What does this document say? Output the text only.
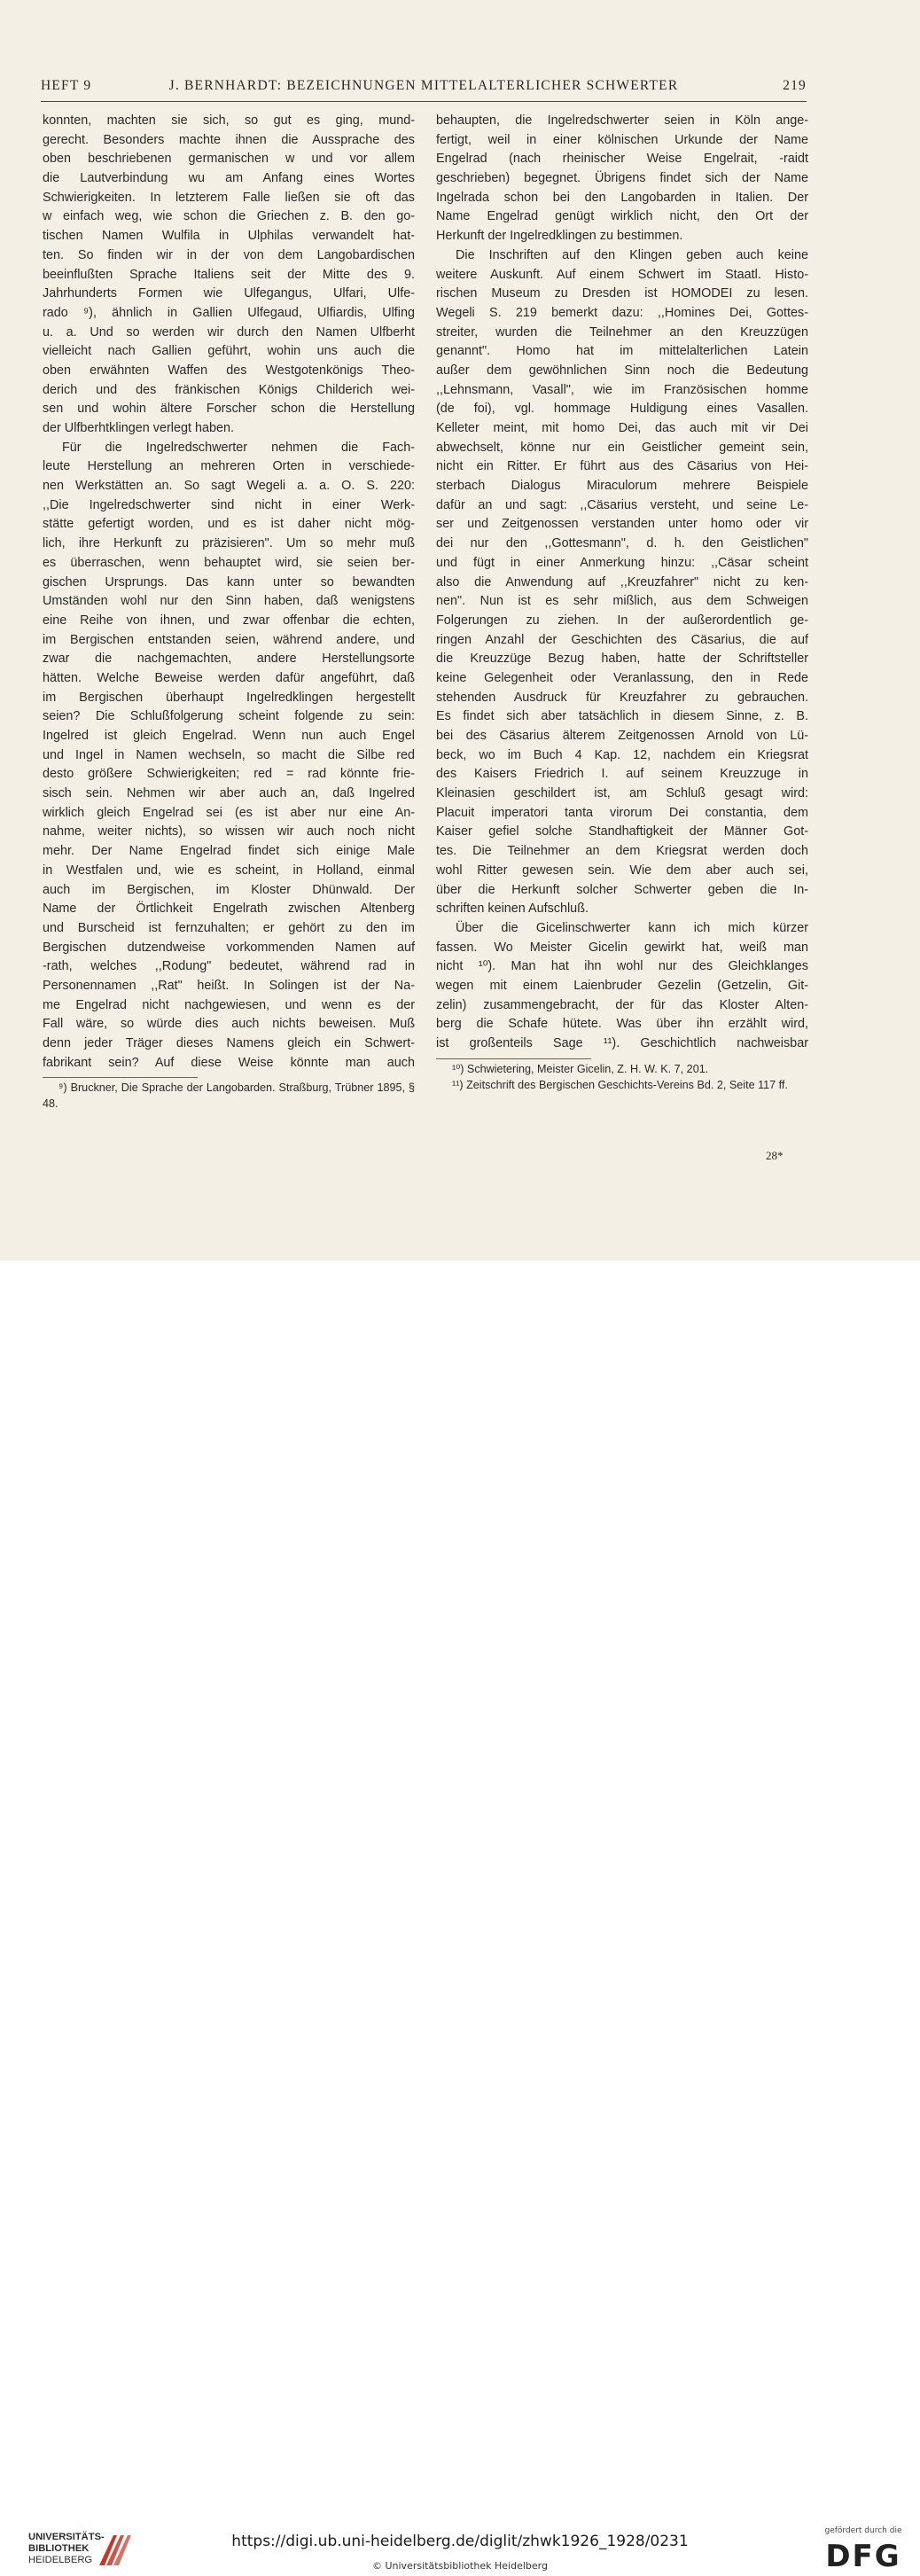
HEFT 9	J. BERNHARDT: BEZEICHNUNGEN MITTELALTERLICHER SCHWERTER	219

konnten, machten sie sich, so gut es ging, mund-

gerecht. Besonders machte ihnen die Aussprache des

oben beschriebenen germanischen w und vor allem

die Lautverbindung wu am Anfang eines Wortes

Schwierigkeiten. In letzterem Falle ließen sie oft das

w einfach weg, wie schon die Griechen z. B. den go-

tischen Namen Wulfila in Ulphilas verwandelt hat-

ten. So finden wir in der von dem Langobardischen

beeinflußten Sprache Italiens seit der Mitte des 9.

Jahrhunderts Formen wie Ulfegangus, Ulfari, Ulfe-

rado ⁹), ähnlich in Gallien Ulfegaud, Ulfiardis, Ulfing

u. a. Und so werden wir durch den Namen Ulfberht

vielleicht nach Gallien geführt, wohin uns auch die

oben erwähnten Waffen des Westgotenkönigs Theo-

derich und des fränkischen Königs Childerich wei-

sen und wohin ältere Forscher schon die Herstellung

der Ulfberhtklingen verlegt haben.

Für die Ingelredschwerter nehmen die Fach-

leute Herstellung an mehreren Orten in verschiede-

nen Werkstätten an. So sagt Wegeli a. a. O. S. 220:

,,Die Ingelredschwerter sind nicht in einer Werk-

stätte gefertigt worden, und es ist daher nicht mög-

lich, ihre Herkunft zu präzisieren". Um so mehr muß

es überraschen, wenn behauptet wird, sie seien ber-

gischen Ursprungs. Das kann unter so bewandten

Umständen wohl nur den Sinn haben, daß wenigstens

eine Reihe von ihnen, und zwar offenbar die echten,

im Bergischen entstanden seien, während andere, und

zwar die nachgemachten, andere Herstellungsorte

hätten. Welche Beweise werden dafür angeführt, daß

im Bergischen überhaupt Ingelredklingen hergestellt

seien? Die Schlußfolgerung scheint folgende zu sein:

Ingelred ist gleich Engelrad. Wenn nun auch Engel

und Ingel in Namen wechseln, so macht die Silbe red

desto größere Schwierigkeiten; red = rad könnte frie-

sisch sein. Nehmen wir aber auch an, daß Ingelred

wirklich gleich Engelrad sei (es ist aber nur eine An-

nahme, weiter nichts), so wissen wir auch noch nicht

mehr. Der Name Engelrad findet sich einige Male

in Westfalen und, wie es scheint, in Holland, einmal

auch im Bergischen, im Kloster Dhünwald. Der

Name der Örtlichkeit Engelrath zwischen Altenberg

und Burscheid ist fernzuhalten; er gehört zu den im

Bergischen dutzendweise vorkommenden Namen auf

-rath, welches ,,Rodung" bedeutet, während rad in

Personennamen ,,Rat" heißt. In Solingen ist der Na-

me Engelrad nicht nachgewiesen, und wenn es der

Fall wäre, so würde dies auch nichts beweisen. Muß

denn jeder Träger dieses Namens gleich ein Schwert-

fabrikant sein? Auf diese Weise könnte man auch

behaupten, die Ingelredschwerter seien in Köln ange-

fertigt, weil in einer kölnischen Urkunde der Name

Engelrad (nach rheinischer Weise Engelrait, -raidt

geschrieben) begegnet. Übrigens findet sich der Name

Ingelrada schon bei den Langobarden in Italien. Der

Name Engelrad genügt wirklich nicht, den Ort der

Herkunft der Ingelredklingen zu bestimmen.

Die Inschriften auf den Klingen geben auch keine

weitere Auskunft. Auf einem Schwert im Staatl. Histo-

rischen Museum zu Dresden ist HOMODEI zu lesen.

Wegeli S. 219 bemerkt dazu: ,,Homines Dei, Gottes-

streiter, wurden die Teilnehmer an den Kreuzzügen

genannt". Homo hat im mittelalterlichen Latein

außer dem gewöhnlichen Sinn noch die Bedeutung

,,Lehnsmann, Vasall", wie im Französischen homme

(de foi), vgl. hommage Huldigung eines Vasallen.

Kelleter meint, mit homo Dei, das auch mit vir Dei

abwechselt, könne nur ein Geistlicher gemeint sein,

nicht ein Ritter. Er führt aus des Cäsarius von Hei-

sterbach Dialogus Miraculorum mehrere Beispiele

dafür an und sagt: ,,Cäsarius versteht, und seine Le-

ser und Zeitgenossen verstanden unter homo oder vir

dei nur den ,,Gottesmann", d. h. den Geistlichen"

und fügt in einer Anmerkung hinzu: ,,Cäsar scheint

also die Anwendung auf ,,Kreuzfahrer" nicht zu ken-

nen". Nun ist es sehr mißlich, aus dem Schweigen

Folgerungen zu ziehen. In der außerordentlich ge-

ringen Anzahl der Geschichten des Cäsarius, die auf

die Kreuzzüge Bezug haben, hatte der Schriftsteller

keine Gelegenheit oder Veranlassung, den in Rede

stehenden Ausdruck für Kreuzfahrer zu gebrauchen.

Es findet sich aber tatsächlich in diesem Sinne, z. B.

bei des Cäsarius älterem Zeitgenossen Arnold von Lü-

beck, wo im Buch 4 Kap. 12, nachdem ein Kriegsrat

des Kaisers Friedrich I. auf seinem Kreuzzuge in

Kleinasien geschildert ist, am Schluß gesagt wird:

Placuit imperatori tanta virorum Dei constantia, dem

Kaiser gefiel solche Standhaftigkeit der Männer Got-

tes. Die Teilnehmer an dem Kriegsrat werden doch

wohl Ritter gewesen sein. Wie dem aber auch sei,

über die Herkunft solcher Schwerter geben die In-

schriften keinen Aufschluß.

Über die Gicelinschwerter kann ich mich kürzer

fassen. Wo Meister Gicelin gewirkt hat, weiß man

nicht ¹⁰). Man hat ihn wohl nur des Gleichklanges

wegen mit einem Laienbruder Gezelin (Getzelin, Git-

zelin) zusammengebracht, der für das Kloster Alten-

berg die Schafe hütete. Was über ihn erzählt wird,

ist großenteils Sage ¹¹). Geschichtlich nachweisbar

⁹) Bruckner, Die Sprache der Langobarden. Straßburg, Trübner 1895, § 48.

¹⁰) Schwietering, Meister Gicelin, Z. H. W. K. 7, 201.

¹¹) Zeitschrift des Bergischen Geschichts-Vereins Bd. 2, Seite 117 ff.

28*
UNIVERSITÄTS-
BIBLIOTHEK
HEIDELBERG
https://digi.ub.uni-heidelberg.de/diglit/zhwk1926_1928/0231
© Universitätsbibliothek Heidelberg
gefördert durch die
DFG
